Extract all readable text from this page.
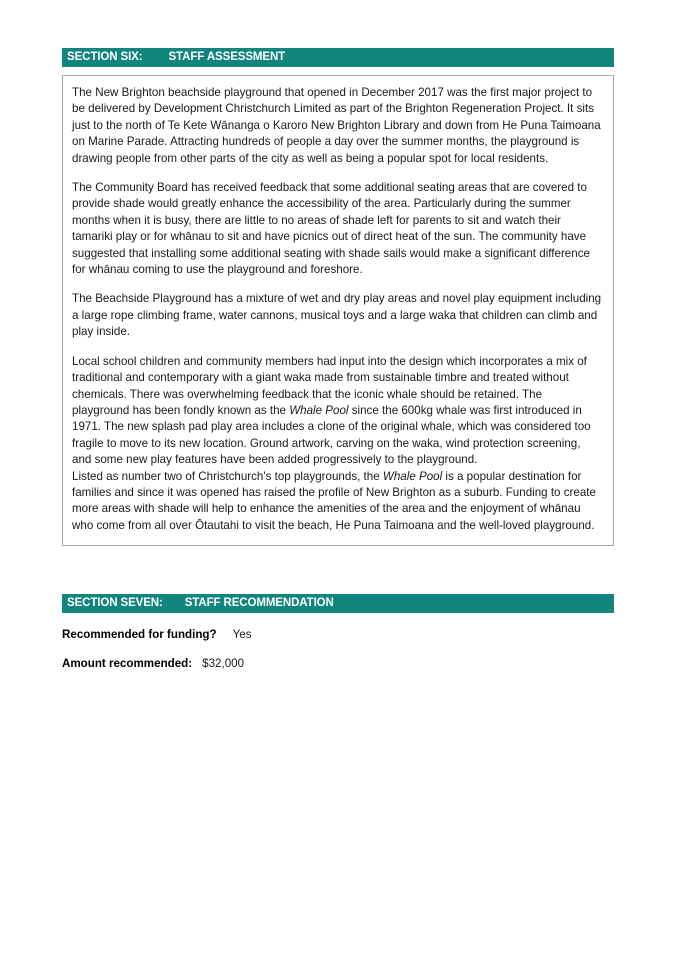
SECTION SIX: STAFF ASSESSMENT

The New Brighton beachside playground that opened in December 2017 was the first major project to be delivered by Development Christchurch Limited as part of the Brighton Regeneration Project. It sits just to the north of Te Kete Wānanga o Karoro New Brighton Library and down from He Puna Taimoana on Marine Parade. Attracting hundreds of people a day over the summer months, the playground is drawing people from other parts of the city as well as being a popular spot for local residents.

The Community Board has received feedback that some additional seating areas that are covered to provide shade would greatly enhance the accessibility of the area. Particularly during the summer months when it is busy, there are little to no areas of shade left for parents to sit and watch their tamariki play or for whānau to sit and have picnics out of direct heat of the sun. The community have suggested that installing some additional seating with shade sails would make a significant difference for whānau coming to use the playground and foreshore.

The Beachside Playground has a mixture of wet and dry play areas and novel play equipment including a large rope climbing frame, water cannons, musical toys and a large waka that children can climb and play inside.

Local school children and community members had input into the design which incorporates a mix of traditional and contemporary with a giant waka made from sustainable timbre and treated without chemicals. There was overwhelming feedback that the iconic whale should be retained. The playground has been fondly known as the Whale Pool since the 600kg whale was first introduced in 1971. The new splash pad play area includes a clone of the original whale, which was considered too fragile to move to its new location. Ground artwork, carving on the waka, wind protection screening, and some new play features have been added progressively to the playground.

Listed as number two of Christchurch's top playgrounds, the Whale Pool is a popular destination for families and since it was opened has raised the profile of New Brighton as a suburb. Funding to create more areas with shade will help to enhance the amenities of the area and the enjoyment of whānau who come from all over Ōtautahi to visit the beach, He Puna Taimoana and the well-loved playground.

SECTION SEVEN: STAFF RECOMMENDATION
Recommended for funding? Yes
Amount recommended: $32,000
